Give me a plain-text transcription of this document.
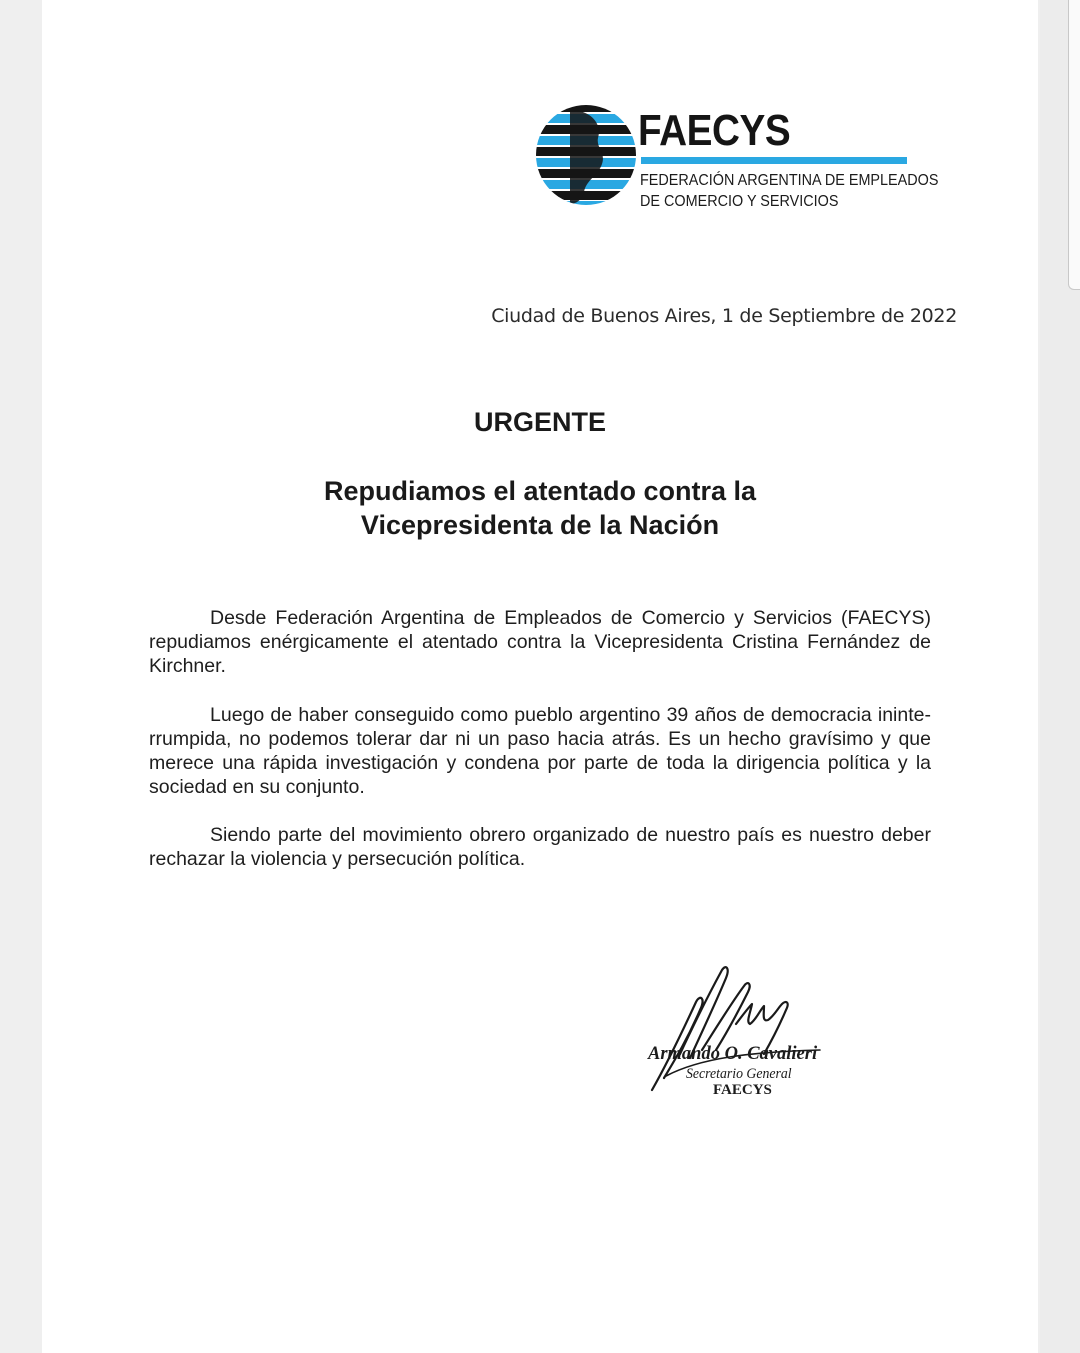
FAECYS
FEDERACIÓN ARGENTINA DE EMPLEADOS
DE COMERCIO Y SERVICIOS
Ciudad de Buenos Aires, 1 de Septiembre de 2022
URGENTE
Repudiamos el atentado contra la
Vicepresidenta de la Nación

Desde Federación Argentina de Empleados de Comercio y Servicios (FAECYS) repudiamos enérgicamente el atentado contra la Vicepresidenta Cristina Fernández de Kirchner.

Luego de haber conseguido como pueblo argentino 39 años de democracia ininte-rrumpida, no podemos tolerar dar ni un paso hacia atrás. Es un hecho gravísimo y que merece una rápida investigación y condena por parte de toda la dirigencia política y la sociedad en su conjunto.

Siendo parte del movimiento obrero organizado de nuestro país es nuestro deber rechazar la violencia y persecución política.

Armando O. Cavalieri
Secretario General
FAECYS
